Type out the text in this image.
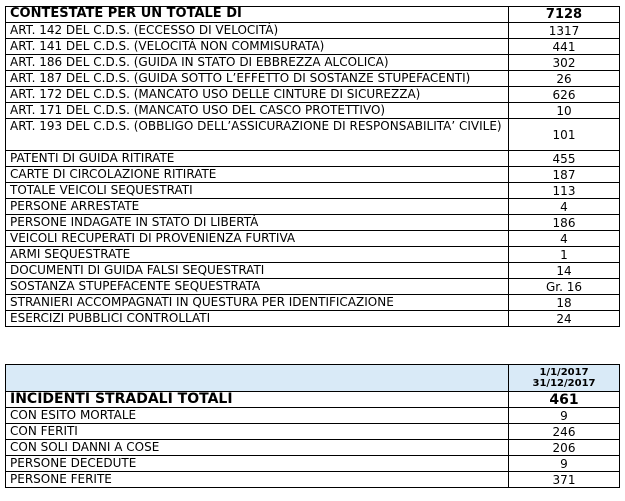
CONTESTATE PER UN TOTALE DI	7128
ART. 142 DEL C.D.S. (ECCESSO DI VELOCITÀ)	1317
ART. 141 DEL C.D.S. (VELOCITÀ NON COMMISURATA)	441
ART. 186 DEL C.D.S. (GUIDA IN STATO DI EBBREZZA ALCOLICA)	302
ART. 187 DEL C.D.S. (GUIDA SOTTO L’EFFETTO DI SOSTANZE STUPEFACENTI)	26
ART. 172 DEL C.D.S. (MANCATO USO DELLE CINTURE DI SICUREZZA)	626
ART. 171 DEL C.D.S. (MANCATO USO DEL CASCO PROTETTIVO)	10
ART. 193 DEL C.D.S. (OBBLIGO DELL’ASSICURAZIONE DI RESPONSABILITA’ CIVILE)	101
PATENTI DI GUIDA RITIRATE	455
CARTE DI CIRCOLAZIONE RITIRATE	187
TOTALE VEICOLI SEQUESTRATI	113
PERSONE ARRESTATE	4
PERSONE INDAGATE IN STATO DI LIBERTÀ	186
VEICOLI RECUPERATI DI PROVENIENZA FURTIVA	4
ARMI SEQUESTRATE	1
DOCUMENTI DI GUIDA FALSI SEQUESTRATI	14
SOSTANZA STUPEFACENTE SEQUESTRATA	Gr. 16
STRANIERI ACCOMPAGNATI IN QUESTURA PER IDENTIFICAZIONE	18
ESERCIZI PUBBLICI CONTROLLATI	24
	1/1/2017
31/12/2017
INCIDENTI STRADALI TOTALI	461
CON ESITO MORTALE	9
CON FERITI	246
CON SOLI DANNI A COSE	206
PERSONE DECEDUTE	9
PERSONE FERITE	371
